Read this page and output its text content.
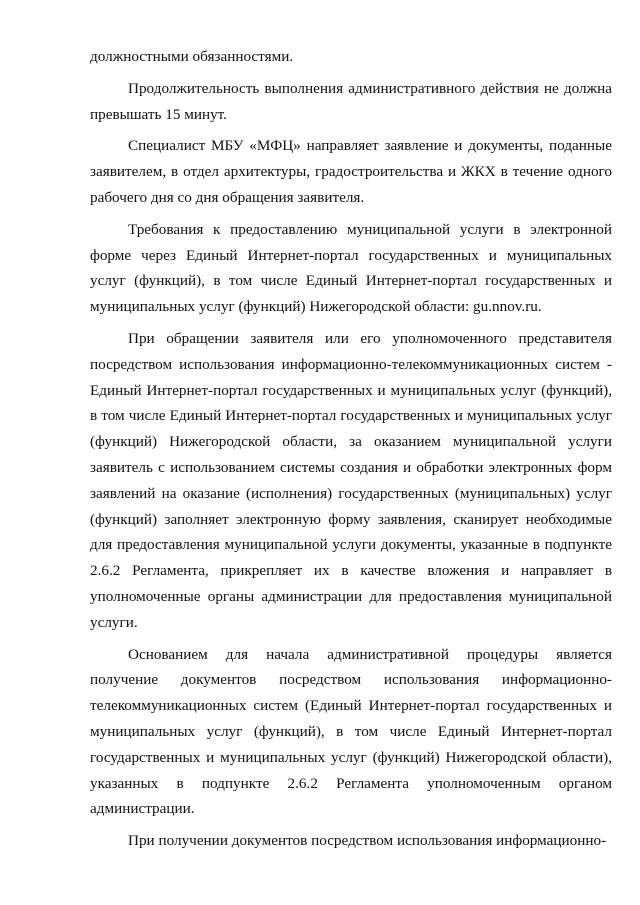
должностными обязанностями.

Продолжительность выполнения административного действия не должна превышать 15 минут.

Специалист МБУ «МФЦ» направляет заявление и документы, поданные заявителем, в отдел архитектуры, градостроительства и ЖКХ в течение одного рабочего дня со дня обращения заявителя.

Требования к предоставлению муниципальной услуги в электронной форме через Единый Интернет-портал государственных и муниципальных услуг (функций), в том числе Единый Интернет-портал государственных и муниципальных услуг (функций) Нижегородской области: gu.nnov.ru.

При обращении заявителя или его уполномоченного представителя посредством использования информационно-телекоммуникационных систем - Единый Интернет-портал государственных и муниципальных услуг (функций), в том числе Единый Интернет-портал государственных и муниципальных услуг (функций) Нижегородской области, за оказанием муниципальной услуги заявитель с использованием системы создания и обработки электронных форм заявлений на оказание (исполнения) государственных (муниципальных) услуг (функций) заполняет электронную форму заявления, сканирует необходимые для предоставления муниципальной услуги документы, указанные в подпункте 2.6.2 Регламента, прикрепляет их в качестве вложения и направляет в уполномоченные органы администрации для предоставления муниципальной услуги.

Основанием для начала административной процедуры является получение документов посредством использования информационно-телекоммуникационных систем (Единый Интернет-портал государственных и муниципальных услуг (функций), в том числе Единый Интернет-портал государственных и муниципальных услуг (функций) Нижегородской области), указанных в подпункте 2.6.2 Регламента уполномоченным органом администрации.

При получении документов посредством использования информационно-
